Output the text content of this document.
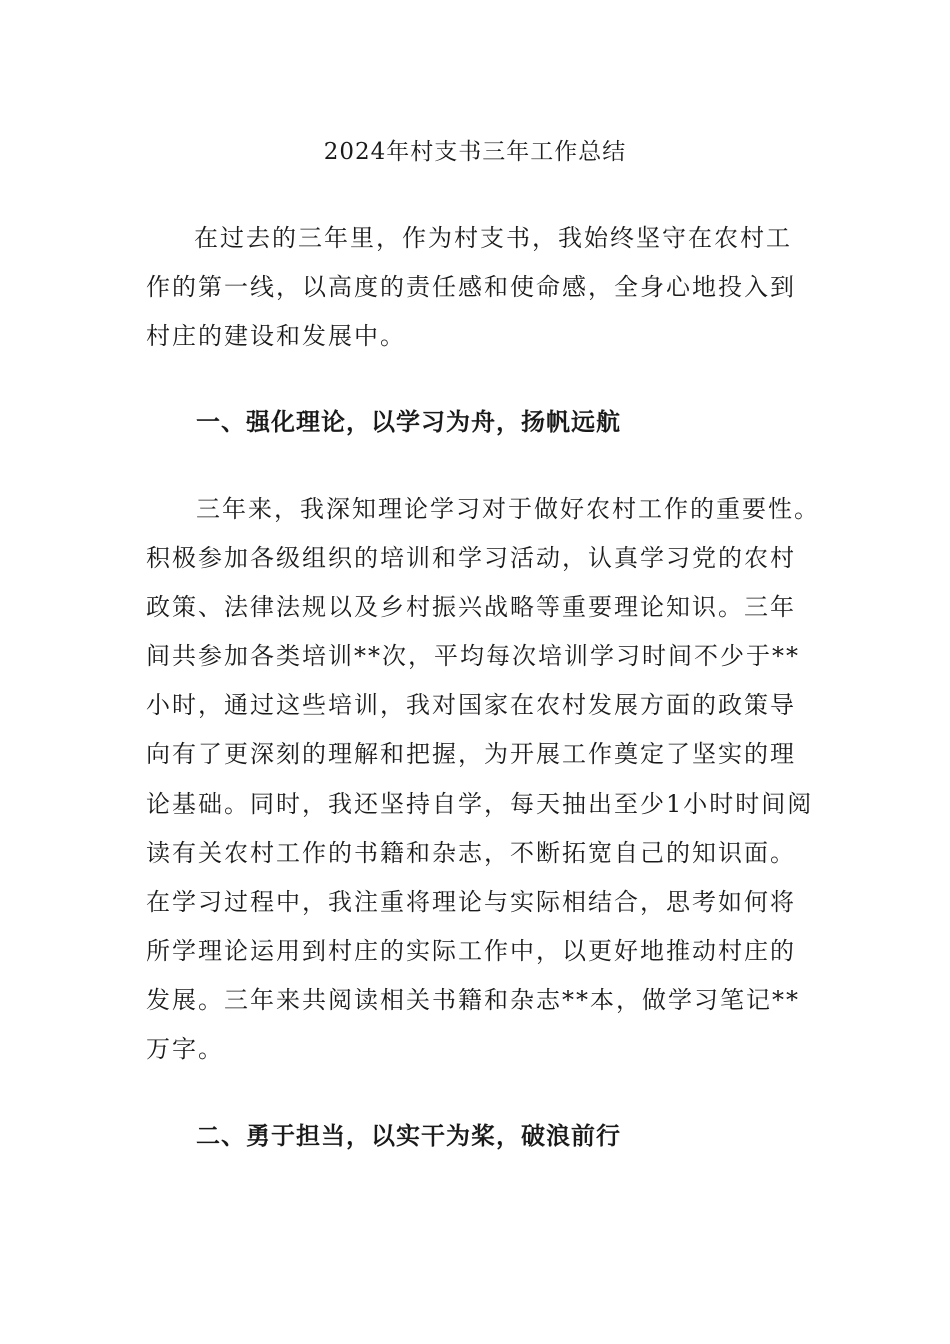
2024年村支书三年工作总结
在过去的三年里，作为村支书，我始终坚守在农村工
作的第一线，以高度的责任感和使命感，全身心地投入到
村庄的建设和发展中。
一、强化理论，以学习为舟，扬帆远航
三年来，我深知理论学习对于做好农村工作的重要性。
积极参加各级组织的培训和学习活动，认真学习党的农村
政策、法律法规以及乡村振兴战略等重要理论知识。三年
间共参加各类培训**次，平均每次培训学习时间不少于**
小时，通过这些培训，我对国家在农村发展方面的政策导
向有了更深刻的理解和把握，为开展工作奠定了坚实的理
论基础。同时，我还坚持自学，每天抽出至少1小时时间阅
读有关农村工作的书籍和杂志，不断拓宽自己的知识面。
在学习过程中，我注重将理论与实际相结合，思考如何将
所学理论运用到村庄的实际工作中，以更好地推动村庄的
发展。三年来共阅读相关书籍和杂志**本，做学习笔记**
万字。
二、勇于担当，以实干为桨，破浪前行
